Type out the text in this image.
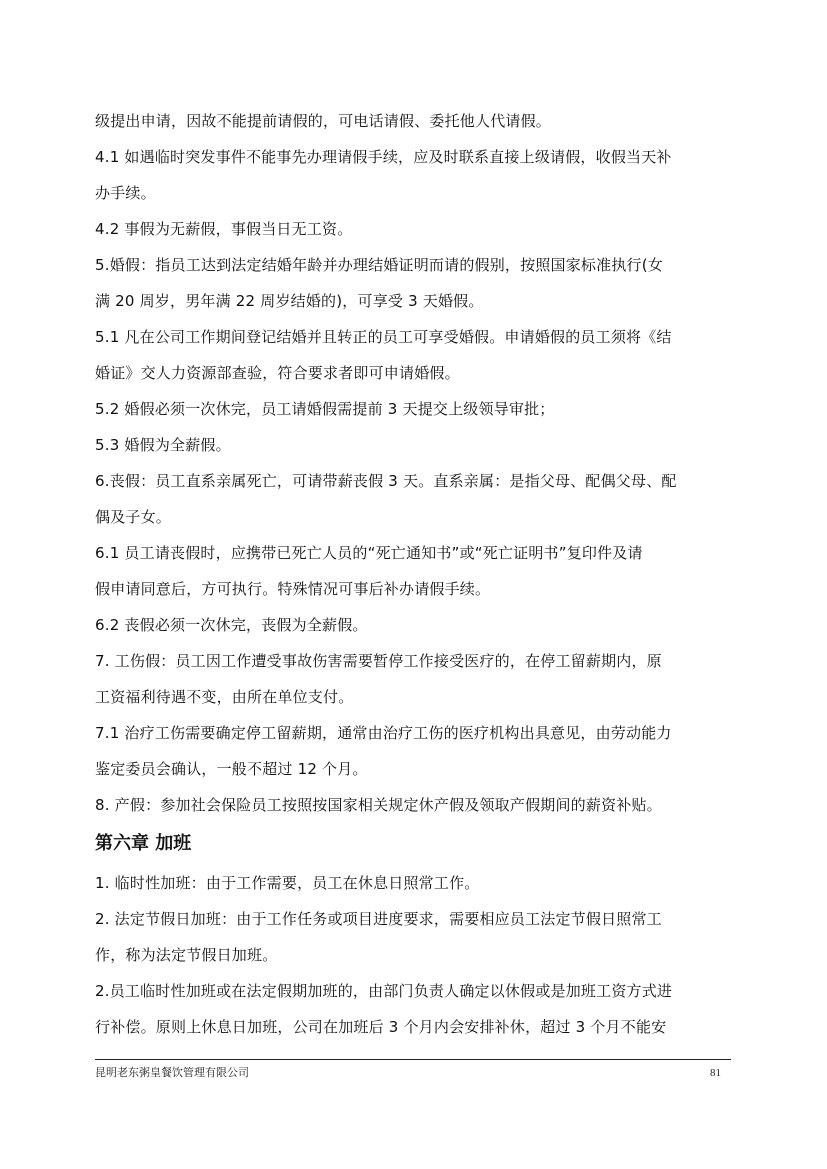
级提出申请，因故不能提前请假的，可电话请假、委托他人代请假。
4.1 如遇临时突发事件不能事先办理请假手续，应及时联系直接上级请假，收假当天补
办手续。
4.2 事假为无薪假，事假当日无工资。
5.婚假：指员工达到法定结婚年龄并办理结婚证明而请的假别，按照国家标准执行(女
满 20 周岁，男年满 22 周岁结婚的)，可享受 3 天婚假。
5.1 凡在公司工作期间登记结婚并且转正的员工可享受婚假。申请婚假的员工须将《结
婚证》交人力资源部查验，符合要求者即可申请婚假。
5.2 婚假必须一次休完，员工请婚假需提前 3 天提交上级领导审批；
5.3 婚假为全薪假。
6.丧假：员工直系亲属死亡，可请带薪丧假 3 天。直系亲属：是指父母、配偶父母、配
偶及子女。
6.1 员工请丧假时，应携带已死亡人员的“死亡通知书”或“死亡证明书”复印件及请
假申请同意后，方可执行。特殊情况可事后补办请假手续。
6.2 丧假必须一次休完，丧假为全薪假。
7. 工伤假：员工因工作遭受事故伤害需要暂停工作接受医疗的，在停工留薪期内，原
工资福利待遇不变，由所在单位支付。
7.1 治疗工伤需要确定停工留薪期，通常由治疗工伤的医疗机构出具意见，由劳动能力
鉴定委员会确认，一般不超过 12 个月。
8. 产假：参加社会保险员工按照按国家相关规定休产假及领取产假期间的薪资补贴。
第六章 加班
1. 临时性加班：由于工作需要，员工在休息日照常工作。
2. 法定节假日加班：由于工作任务或项目进度要求，需要相应员工法定节假日照常工
作，称为法定节假日加班。
2.员工临时性加班或在法定假期加班的，由部门负责人确定以休假或是加班工资方式进
行补偿。原则上休息日加班，公司在加班后 3 个月内会安排补休，超过 3 个月不能安
昆明老东粥皇餐饮管理有限公司	81
